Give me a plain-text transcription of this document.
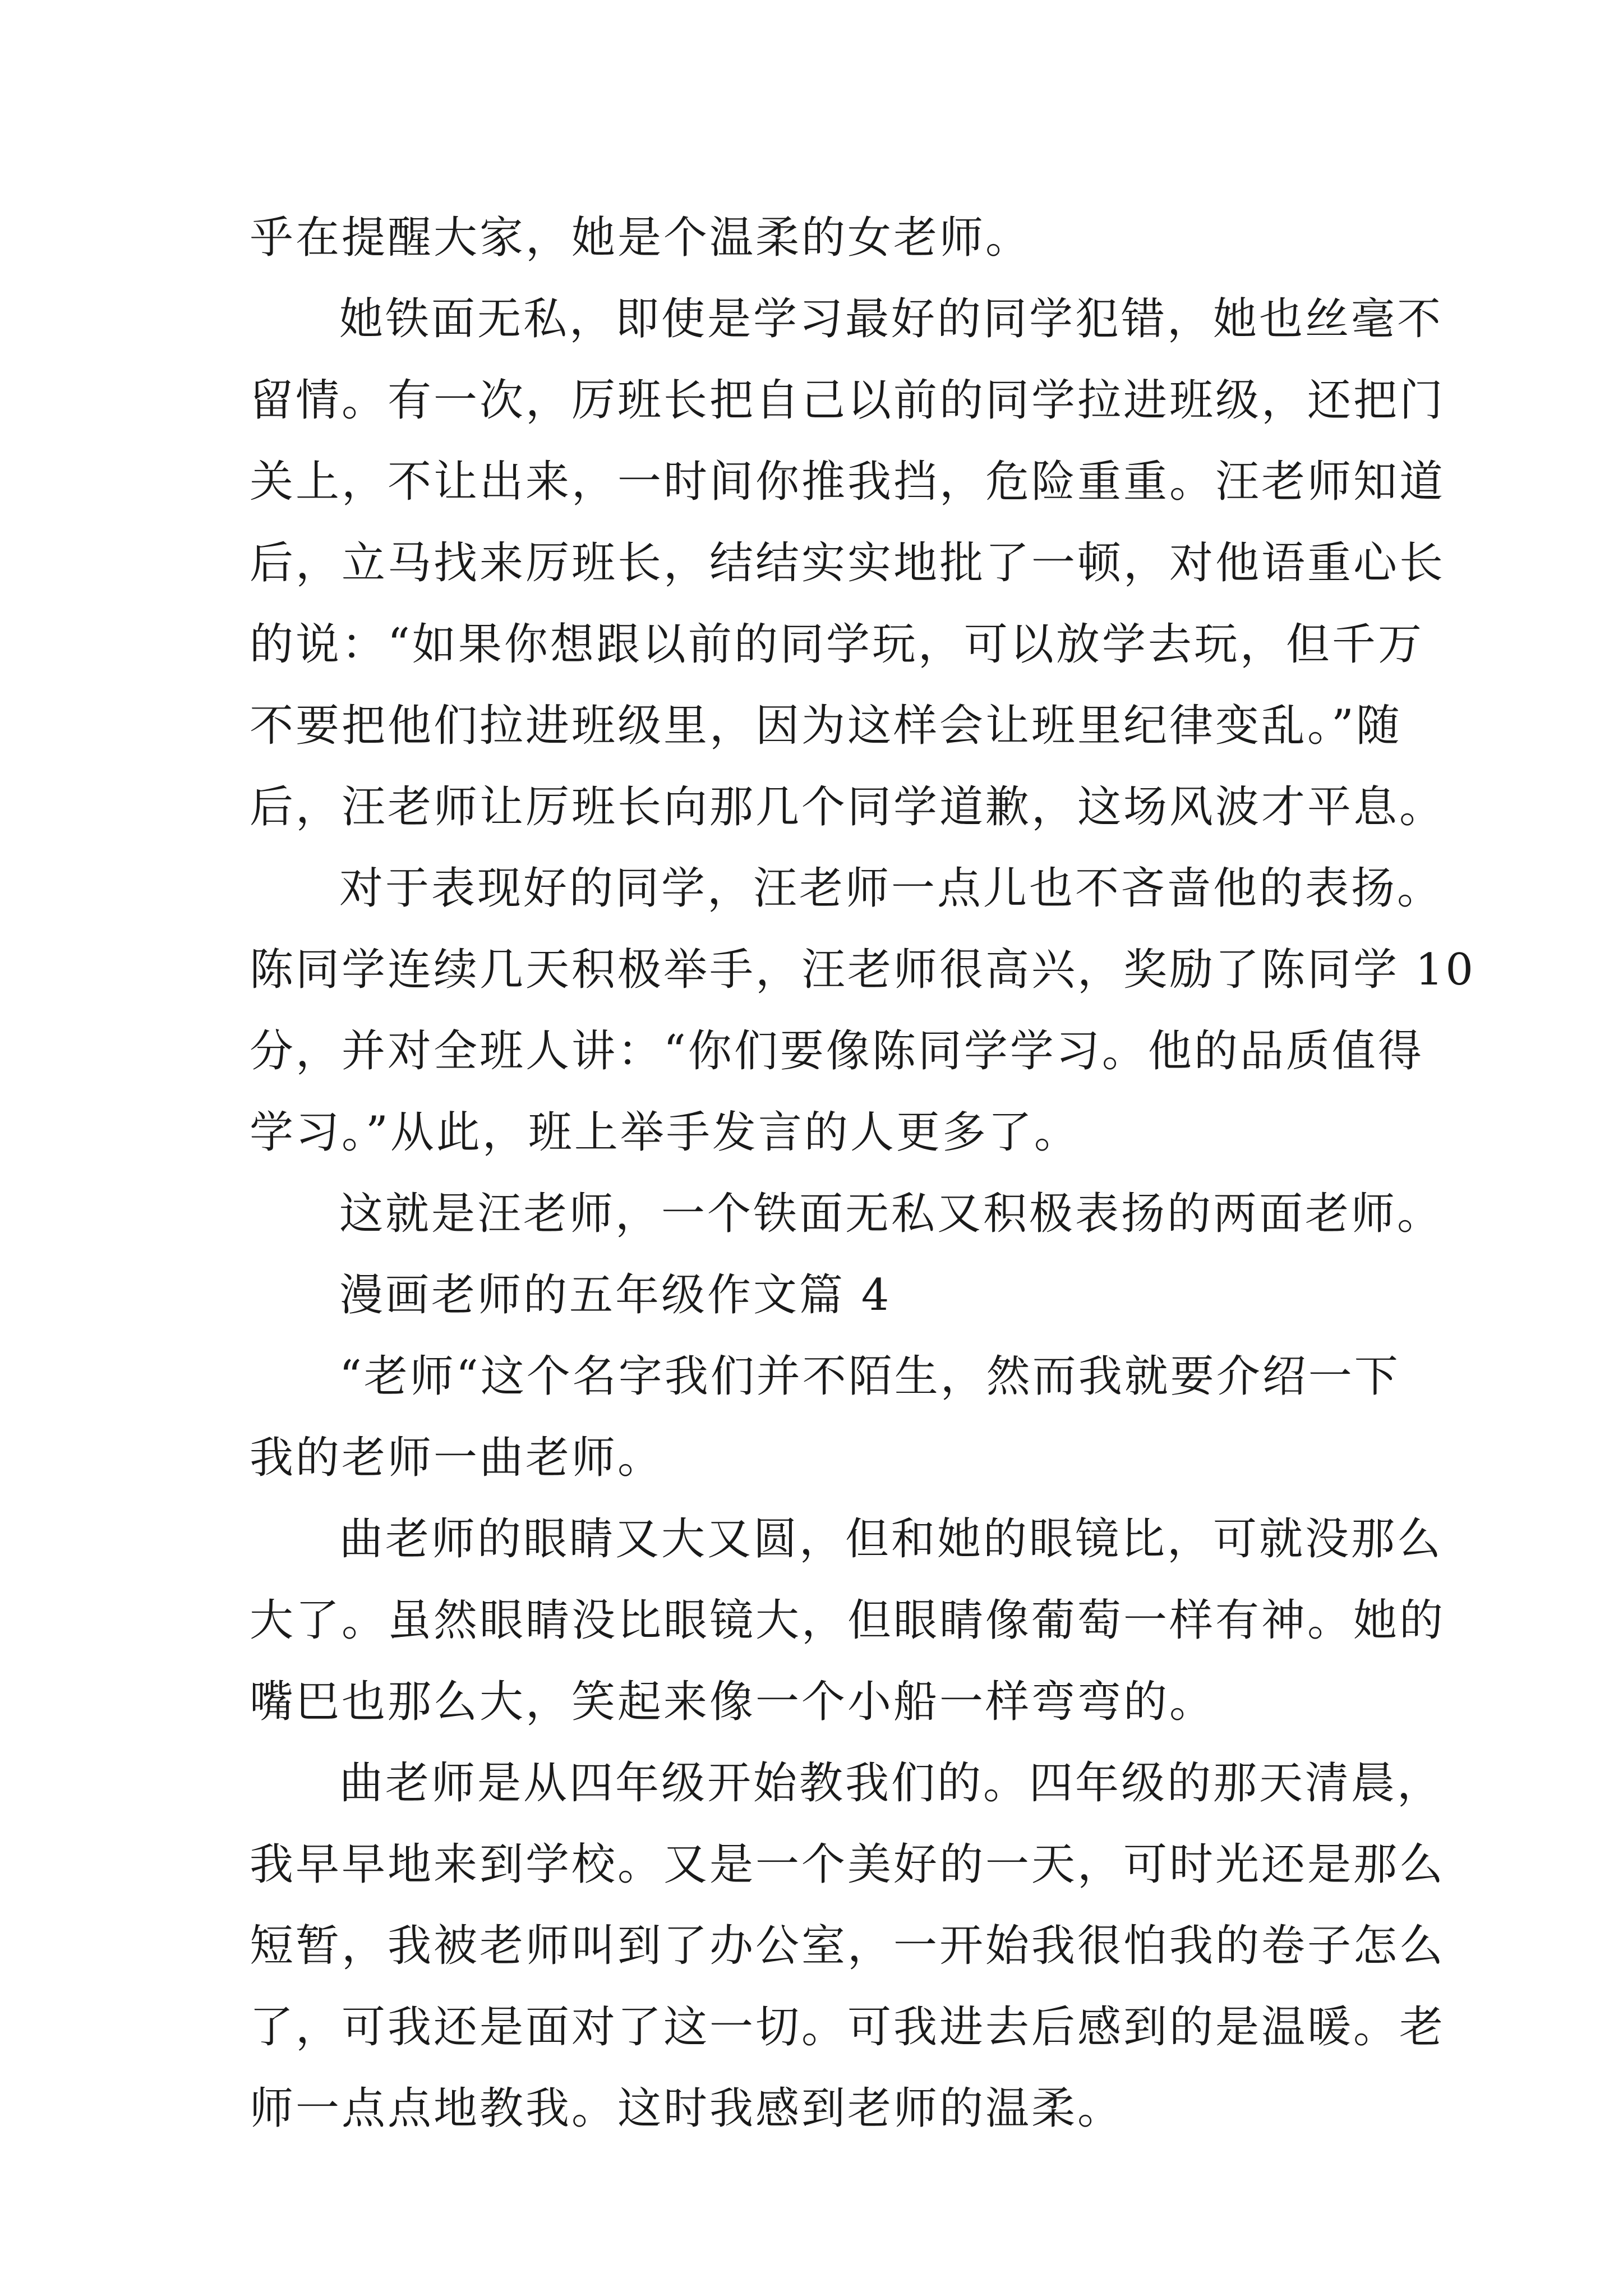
乎在提醒大家，她是个温柔的女老师。
她铁面无私，即使是学习最好的同学犯错，她也丝毫不
留情。有一次，厉班长把自己以前的同学拉进班级，还把门
关上，不让出来，一时间你推我挡，危险重重。汪老师知道
后，立马找来厉班长，结结实实地批了一顿，对他语重心长
的说：“如果你想跟以前的同学玩，可以放学去玩，但千万
不要把他们拉进班级里，因为这样会让班里纪律变乱。”随
后，汪老师让厉班长向那几个同学道歉，这场风波才平息。
对于表现好的同学，汪老师一点儿也不吝啬他的表扬。
陈同学连续几天积极举手，汪老师很高兴，奖励了陈同学 10
分，并对全班人讲：“你们要像陈同学学习。他的品质值得
学习。”从此，班上举手发言的人更多了。
这就是汪老师，一个铁面无私又积极表扬的两面老师。
漫画老师的五年级作文篇 4
“老师“这个名字我们并不陌生，然而我就要介绍一下
我的老师一曲老师。
曲老师的眼睛又大又圆，但和她的眼镜比，可就没那么
大了。虽然眼睛没比眼镜大，但眼睛像葡萄一样有神。她的
嘴巴也那么大，笑起来像一个小船一样弯弯的。
曲老师是从四年级开始教我们的。四年级的那天清晨，
我早早地来到学校。又是一个美好的一天，可时光还是那么
短暂，我被老师叫到了办公室，一开始我很怕我的卷子怎么
了，可我还是面对了这一切。可我进去后感到的是温暖。老
师一点点地教我。这时我感到老师的温柔。
